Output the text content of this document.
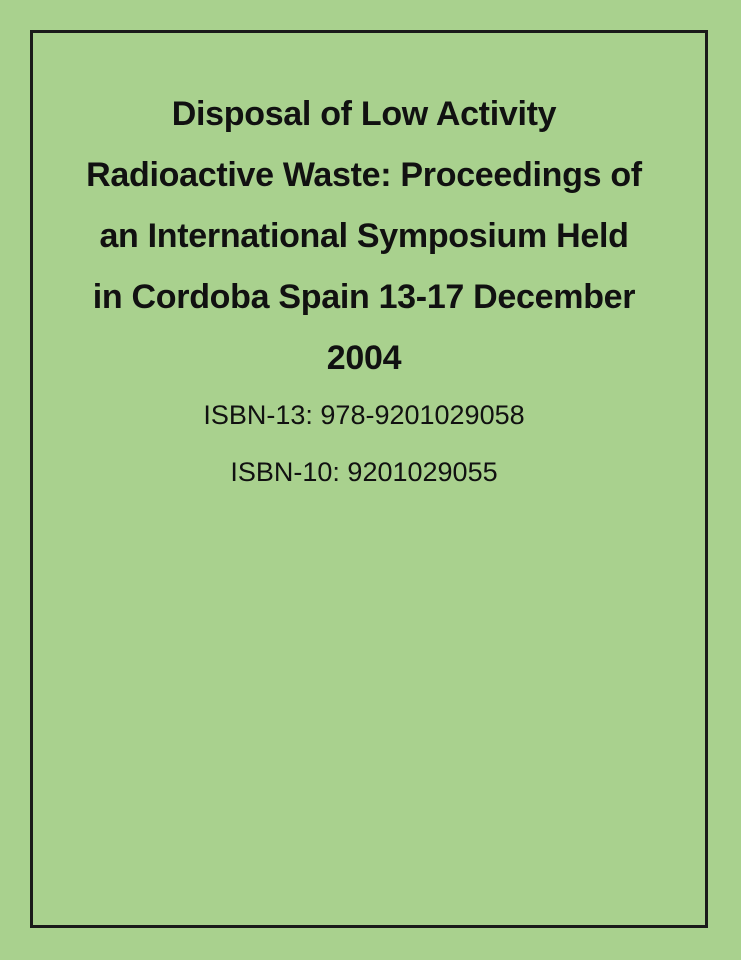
Disposal of Low Activity
Radioactive Waste: Proceedings of
an International Symposium Held
in Cordoba Spain 13-17 December
2004
ISBN-13: 978-9201029058
ISBN-10: 9201029055
